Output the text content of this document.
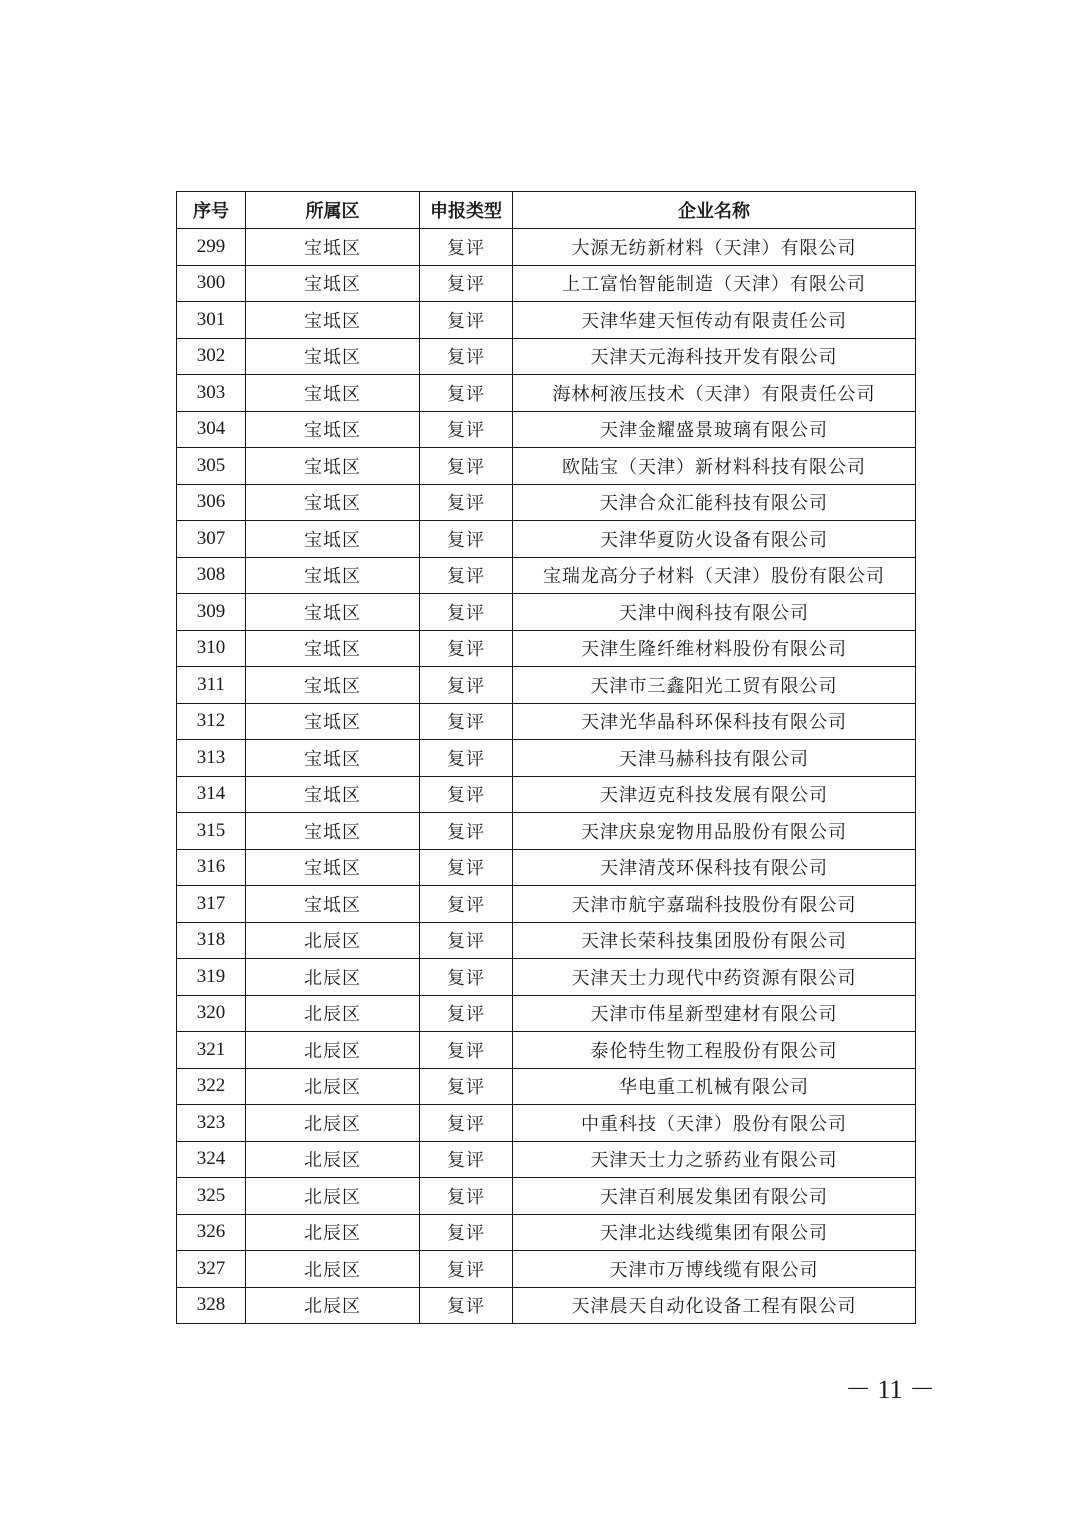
序号	所属区	申报类型	企业名称
299	宝坻区	复评	大源无纺新材料（天津）有限公司
300	宝坻区	复评	上工富怡智能制造（天津）有限公司
301	宝坻区	复评	天津华建天恒传动有限责任公司
302	宝坻区	复评	天津天元海科技开发有限公司
303	宝坻区	复评	海林柯液压技术（天津）有限责任公司
304	宝坻区	复评	天津金耀盛景玻璃有限公司
305	宝坻区	复评	欧陆宝（天津）新材料科技有限公司
306	宝坻区	复评	天津合众汇能科技有限公司
307	宝坻区	复评	天津华夏防火设备有限公司
308	宝坻区	复评	宝瑞龙高分子材料（天津）股份有限公司
309	宝坻区	复评	天津中阀科技有限公司
310	宝坻区	复评	天津生隆纤维材料股份有限公司
311	宝坻区	复评	天津市三鑫阳光工贸有限公司
312	宝坻区	复评	天津光华晶科环保科技有限公司
313	宝坻区	复评	天津马赫科技有限公司
314	宝坻区	复评	天津迈克科技发展有限公司
315	宝坻区	复评	天津庆泉宠物用品股份有限公司
316	宝坻区	复评	天津清茂环保科技有限公司
317	宝坻区	复评	天津市航宇嘉瑞科技股份有限公司
318	北辰区	复评	天津长荣科技集团股份有限公司
319	北辰区	复评	天津天士力现代中药资源有限公司
320	北辰区	复评	天津市伟星新型建材有限公司
321	北辰区	复评	泰伦特生物工程股份有限公司
322	北辰区	复评	华电重工机械有限公司
323	北辰区	复评	中重科技（天津）股份有限公司
324	北辰区	复评	天津天士力之骄药业有限公司
325	北辰区	复评	天津百利展发集团有限公司
326	北辰区	复评	天津北达线缆集团有限公司
327	北辰区	复评	天津市万博线缆有限公司
328	北辰区	复评	天津晨天自动化设备工程有限公司
－ 11 －
